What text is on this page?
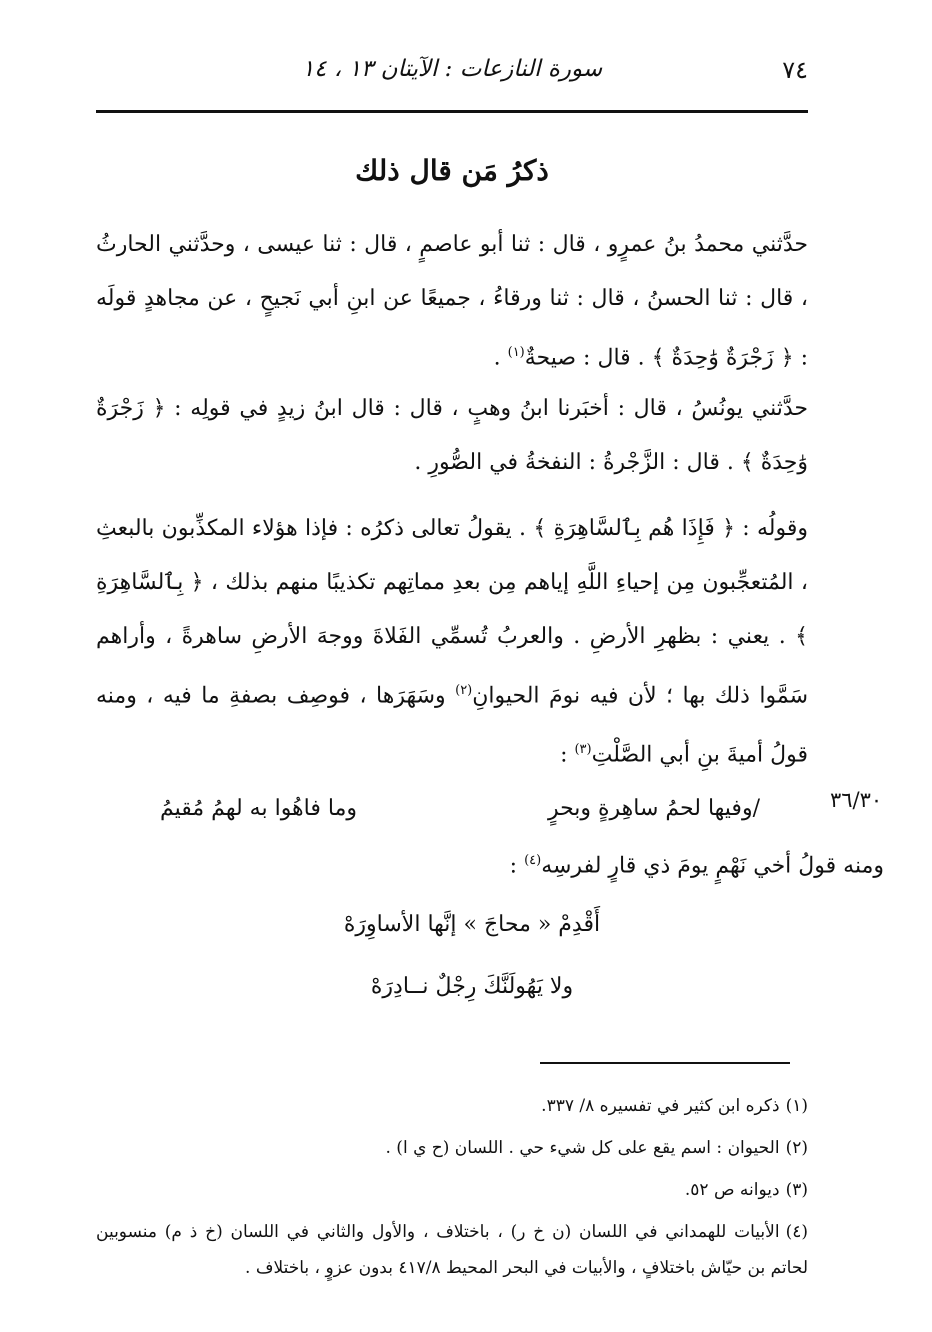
٧٤
سورة النازعات : الآيتان ١٣ ، ١٤
ذكرُ مَن قال ذلك
حدَّثني محمدُ بنُ عمرٍو ، قال : ثنا أبو عاصمٍ ، قال : ثنا عيسى ، وحدَّثني الحارثُ ، قال : ثنا الحسنُ ، قال : ثنا ورقاءُ ، جميعًا عن ابنِ أبي نَجيحٍ ، عن مجاهدٍ قولَه : ﴿ زَجْرَةٌ وَٰحِدَةٌ ﴾ . قال : صيحةٌ$^{(١)}$ .
حدَّثني يونُسُ ، قال : أخبَرنا ابنُ وهبٍ ، قال : قال ابنُ زيدٍ في قولِه : ﴿ زَجْرَةٌ وَٰحِدَةٌ ﴾ . قال : الزَّجْرةُ : النفخةُ في الصُّورِ .
وقولُه : ﴿ فَإِذَا هُم بِٱلسَّاهِرَةِ ﴾ . يقولُ تعالى ذكرُه : فإذا هؤلاء المكذِّبون بالبعثِ ، المُتعجِّبون مِن إحياءِ اللَّهِ إياهم مِن بعدِ مماتِهم تكذيبًا منهم بذلك ، ﴿ بِٱلسَّاهِرَةِ ﴾ . يعني : بظهرِ الأرضِ . والعربُ تُسمِّي الفَلاةَ ووجهَ الأرضِ ساهرةً ، وأراهم سَمَّوا ذلك بها ؛ لأن فيه نومَ الحيوانِ$^{(٢)}$ وسَهَرَها ، فوصِف بصفةِ ما فيه ، ومنه قولُ أميةَ بنِ أبي الصَّلْتِ$^{(٣)}$ :
٣٦/٣٠
/وفيها لحمُ ساهِرةٍ وبحرٍ
وما فاهُوا به لهمُ مُقيمُ
ومنه قولُ أخي نَهْمٍ يومَ ذي قارٍ لفرسِه$^{(٤)}$ :
أَقْدِمْ « محاجَ » إنَّها الأساوِرَهْ
ولا يَهُولَنَّكَ رِجْلٌ نــادِرَهْ

(١)ذكره ابن كثير في تفسيره ٨/ ٣٣٧.

(٢)الحيوان : اسم يقع على كل شيء حي . اللسان (ح ي ا) .

(٣)ديوانه ص ٥٢.

(٤)الأبيات للهمداني في اللسان (ن خ ر) ، باختلاف ، والأول والثاني في اللسان (خ ذ م) منسوبين لحاتم بن حيّاش باختلافٍ ، والأبيات في البحر المحيط ٤١٧/٨ بدون عزوٍ ، باختلاف .
